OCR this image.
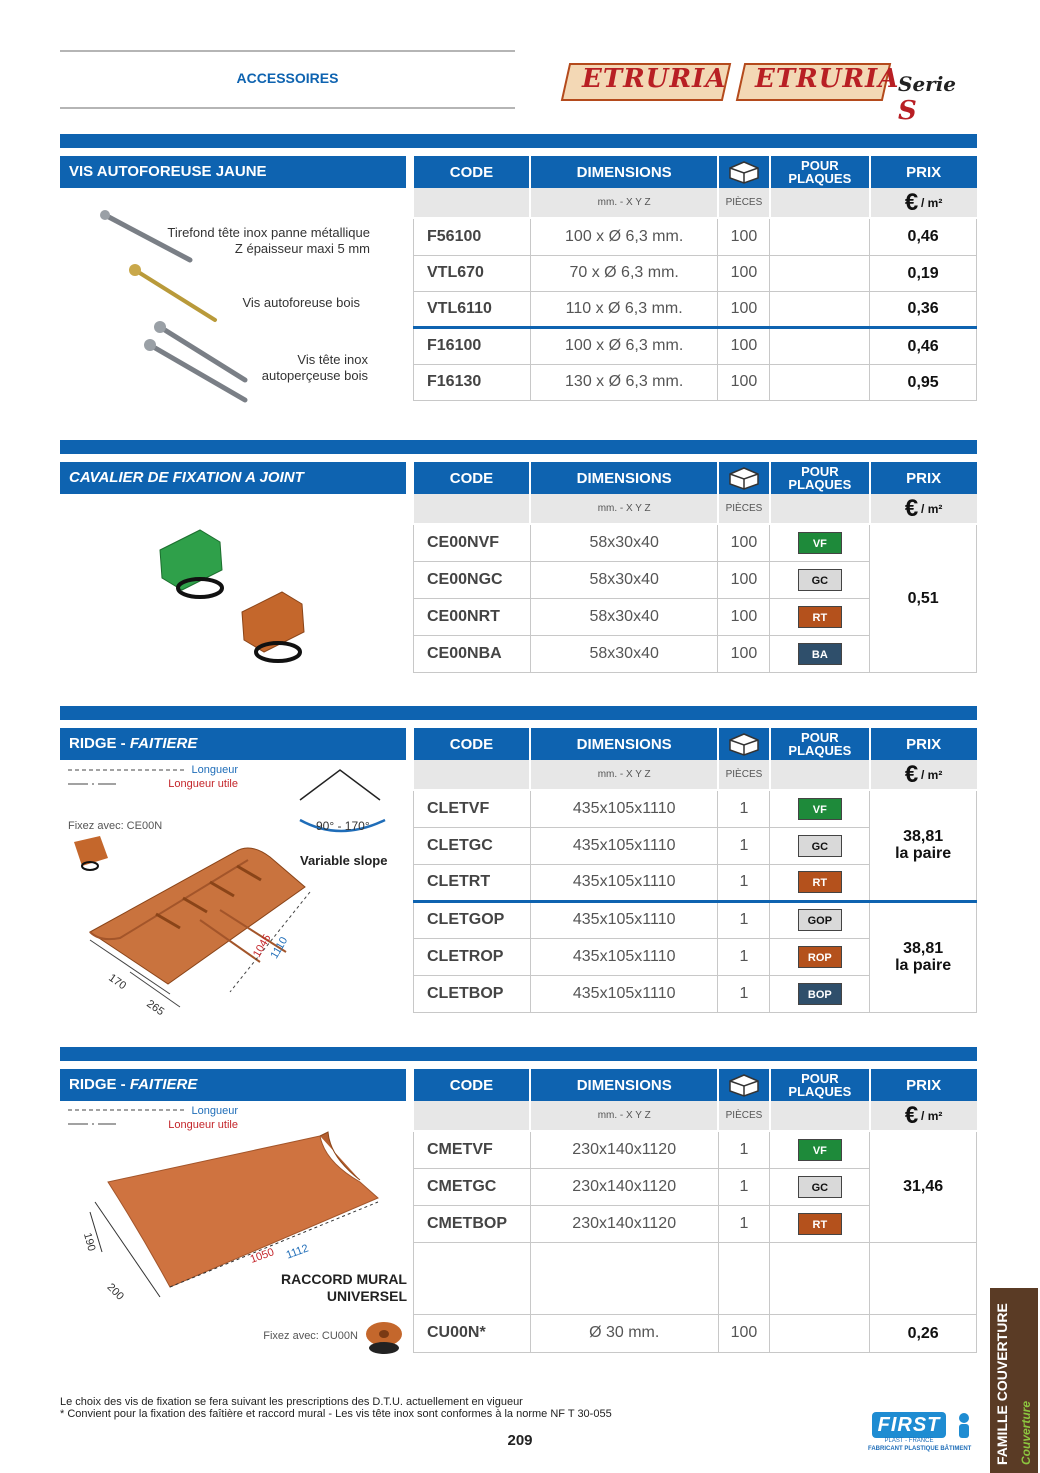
ACCESSOIRES	ETRURIA ETRURIA
Serie S
VIS AUTOFOREUSE JAUNE
Tirefond tête inox panne métallique
Z épaisseur maxi 5 mm
Vis autoforeuse bois
Vis tête inox
autoperçeuse bois
CODE	DIMENSIONS		POUR PLAQUES	PRIX
	mm. - X Y Z	PIÈCES		€ / m²
F56100	100 x Ø 6,3 mm.	100		0,46
VTL670	70 x Ø 6,3 mm.	100		0,19
VTL6110	110 x Ø 6,3 mm.	100		0,36
F16100	100 x Ø 6,3 mm.	100		0,46
F16130	130 x Ø 6,3 mm.	100		0,95
CAVALIER DE FIXATION A JOINT	CODE	DIMENSIONS		POUR PLAQUES	PRIX
	mm. - X Y Z	PIÈCES		€ / m²
CE00NVF	58x30x40	100	VF	0,51
CE00NGC	58x30x40	100	GC	
CE00NRT	58x30x40	100	RT	
CE00NBA	58x30x40	100	BA	
RIDGE - FAITIERE
Longueur
Longueur utile
Fixez avec: CE00N	90° - 170°
Variable slope
1045
1110
170
265
CODE	DIMENSIONS		POUR PLAQUES	PRIX
	mm. - X Y Z	PIÈCES		€ / m²
CLETVF	435x105x1110	1	VF	38,81
la paire
CLETGC	435x105x1110	1	GC	
CLETRT	435x105x1110	1	RT	
CLETGOP	435x105x1110	1	GOP	38,81
la paire
CLETROP	435x105x1110	1	ROP	
CLETBOP	435x105x1110	1	BOP	
RIDGE - FAITIERE
Longueur
Longueur utile
190
1050 1112
200
RACCORD MURAL
UNIVERSEL
Fixez avec: CU00N
CODE	DIMENSIONS		POUR PLAQUES	PRIX
	mm. - X Y Z	PIÈCES		€ / m²
CMETVF	230x140x1120	1	VF	31,46
CMETGC	230x140x1120	1	GC	
CMETBOP	230x140x1120	1	RT	

CU00N*	Ø 30 mm.	100		0,26
Le choix des vis de fixation se fera suivant les prescriptions des D.T.U. actuellement en vigueur
* Convient pour la fixation des faîtière et raccord mural - Les vis tête inox sont conformes à la norme NF T 30-055
209
FIRST
PLAST - FRANCE
FABRICANT PLASTIQUE BÂTIMENT	FAMILLE COUVERTURE Couverture
